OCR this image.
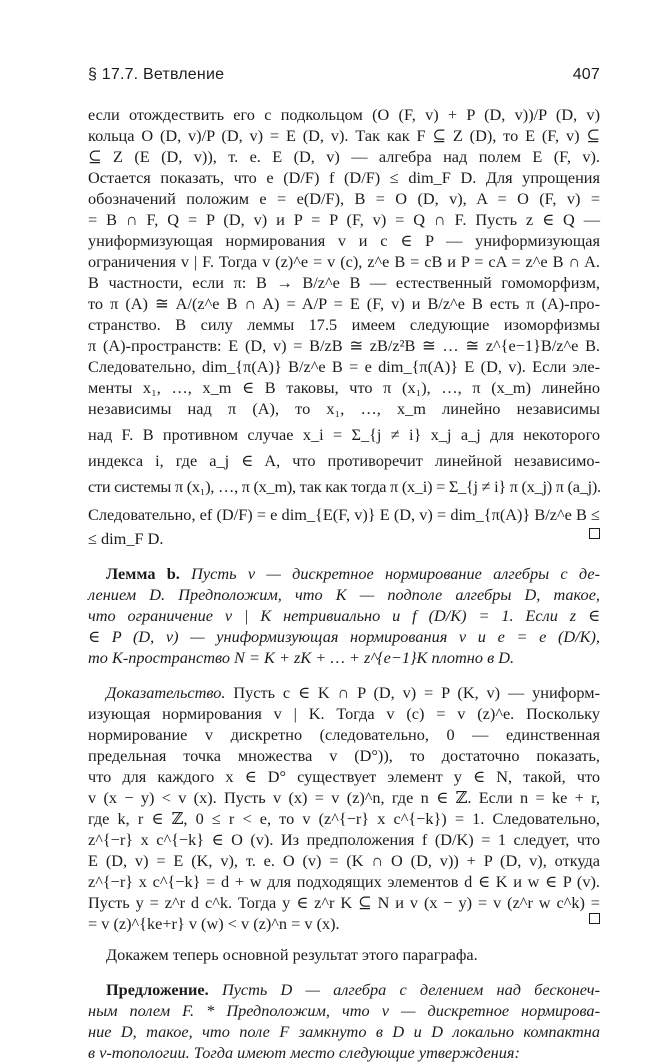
§ 17.7. Ветвление	407
если отождествить его с подкольцом (O (F, v) + P (D, v))/P (D, v)
кольца O (D, v)/P (D, v) = E (D, v). Так как F ⊆ Z (D), то E (F, v) ⊆
⊆ Z (E (D, v)), т. е. E (D, v) — алгебра над полем E (F, v).
Остается показать, что e (D/F) f (D/F) ≤ dim_F D. Для упрощения
обозначений положим e = e(D/F), B = O (D, v), A = O (F, v) =
= B ∩ F, Q = P (D, v) и P = P (F, v) = Q ∩ F. Пусть z ∈ Q —
униформизующая нормирования v и c ∈ P — униформизующая
ограничения v | F. Тогда v (z)^e = v (c), z^e B = cB и P = cA = z^e B ∩ A.
В частности, если π: B → B/z^e B — естественный гомоморфизм,
то π (A) ≅ A/(z^e B ∩ A) = A/P = E (F, v) и B/z^e B есть π (A)-про-
странство. В силу леммы 17.5 имеем следующие изоморфизмы
π (A)-пространств: E (D, v) = B/zB ≅ zB/z²B ≅ … ≅ z^{e−1}B/z^e B.
Следовательно, dim_{π(A)} B/z^e B = e dim_{π(A)} E (D, v). Если эле-
менты x₁, …, x_m ∈ B таковы, что π (x₁), …, π (x_m) линейно
независимы над π (A), то x₁, …, x_m линейно независимы
над F. В противном случае x_i = Σ_{j ≠ i} x_j a_j для некоторого
индекса i, где a_j ∈ A, что противоречит линейной независимо-
сти системы π (x₁), …, π (x_m), так как тогда π (x_i) = Σ_{j ≠ i} π (x_j) π (a_j).
Следовательно, ef (D/F) = e dim_{E(F, v)} E (D, v) = dim_{π(A)} B/z^e B ≤
≤ dim_F D.
Лемма b. Пусть v — дискретное нормирование алгебры с де-
лением D. Предположим, что K — подполе алгебры D, такое,
что ограничение v | K нетривиально и f (D/K) = 1. Если z ∈
∈ P (D, v) — униформизующая нормирования v и e = e (D/K),
то K-пространство N = K + zK + … + z^{e−1}K плотно в D.
Доказательство. Пусть c ∈ K ∩ P (D, v) = P (K, v) — униформ-
изующая нормирования v | K. Тогда v (c) = v (z)^e. Поскольку
нормирование v дискретно (следовательно, 0 — единственная
предельная точка множества v (D°)), то достаточно показать,
что для каждого x ∈ D° существует элемент y ∈ N, такой, что
v (x − y) < v (x). Пусть v (x) = v (z)^n, где n ∈ ℤ. Если n = ke + r,
где k, r ∈ ℤ, 0 ≤ r < e, то v (z^{−r} x c^{−k}) = 1. Следовательно,
z^{−r} x c^{−k} ∈ O (v). Из предположения f (D/K) = 1 следует, что
E (D, v) = E (K, v), т. е. O (v) = (K ∩ O (D, v)) + P (D, v), откуда
z^{−r} x c^{−k} = d + w для подходящих элементов d ∈ K и w ∈ P (v).
Пусть y = z^r d c^k. Тогда y ∈ z^r K ⊆ N и v (x − y) = v (z^r w c^k) =
= v (z)^{ke+r} v (w) < v (z)^n = v (x).
Докажем теперь основной результат этого параграфа.
Предложение. Пусть D — алгебра с делением над бесконеч-
ным полем F. * Предположим, что v — дискретное нормирова-
ние D, такое, что поле F замкнуто в D и D локально компактна
в v-топологии. Тогда имеют место следующие утверждения:
